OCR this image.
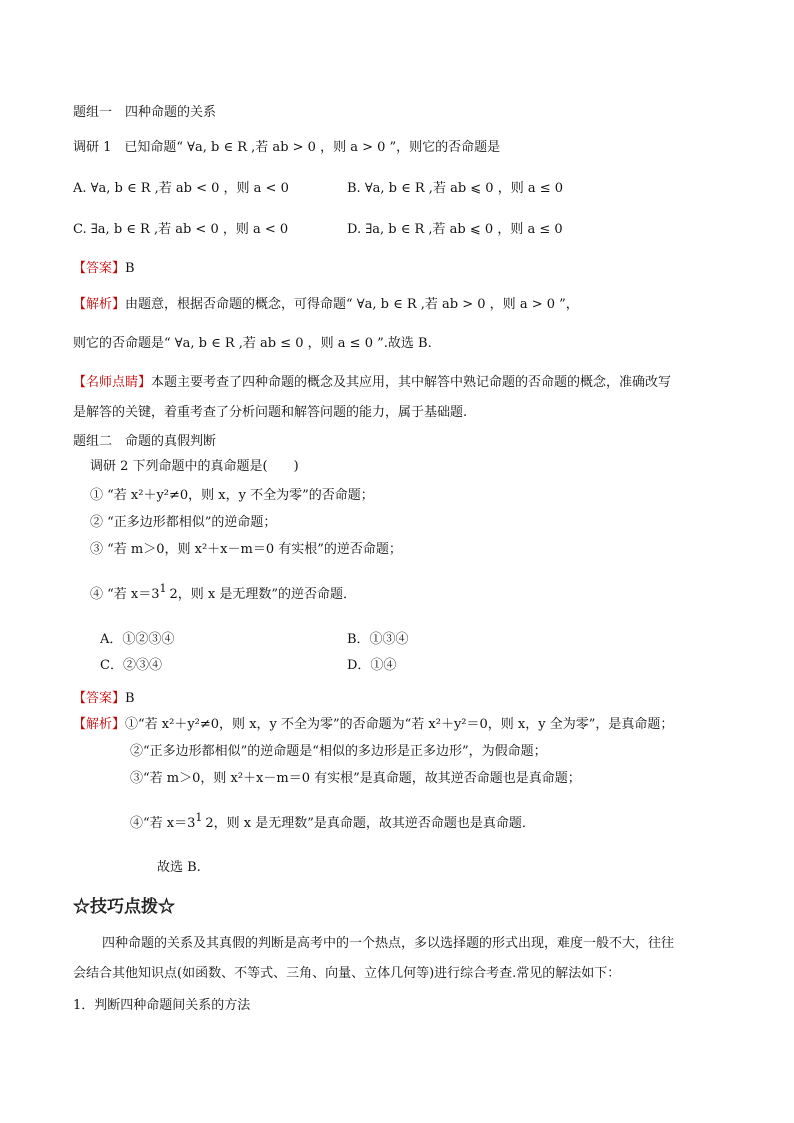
题组一　四种命题的关系
调研 1　已知命题“ ∀a, b ∈ R ,若 ab > 0 ，则 a > 0 ”，则它的否命题是
A. ∀a, b ∈ R ,若 ab < 0 ，则 a < 0	B. ∀a, b ∈ R ,若 ab ⩽ 0 ，则 a ≤ 0
C. ∃a, b ∈ R ,若 ab < 0 ，则 a < 0	D. ∃a, b ∈ R ,若 ab ⩽ 0 ，则 a ≤ 0
【答案】B
【解析】由题意，根据否命题的概念，可得命题“ ∀a, b ∈ R ,若 ab > 0 ，则 a > 0 ”，
则它的否命题是“ ∀a, b ∈ R ,若 ab ≤ 0 ，则 a ≤ 0 ”.故选 B.
【名师点睛】本题主要考查了四种命题的概念及其应用，其中解答中熟记命题的否命题的概念，准确改写
是解答的关键，着重考查了分析问题和解答问题的能力，属于基础题.
题组二　命题的真假判断
调研 2 下列命题中的真命题是(　　)
① “若 x²＋y²≠0，则 x，y 不全为零”的否命题；
② “正多边形都相似”的逆命题；
③ “若 m＞0，则 x²＋x－m＝0 有实根”的逆否命题；
④ “若 x＝3 1 2，则 x 是无理数”的逆否命题．
A．①②③④	B．①③④
C．②③④	D．①④
【答案】B
【解析】①“若 x²＋y²≠0，则 x，y 不全为零”的否命题为“若 x²＋y²＝0，则 x，y 全为零”，是真命题；
②“正多边形都相似”的逆命题是“相似的多边形是正多边形”，为假命题；
③“若 m＞0，则 x²＋x－m＝0 有实根”是真命题，故其逆否命题也是真命题；
④“若 x＝3 1 2，则 x 是无理数”是真命题，故其逆否命题也是真命题．
故选 B.
☆技巧点拨☆
四种命题的关系及其真假的判断是高考中的一个热点，多以选择题的形式出现，难度一般不大，往往
会结合其他知识点(如函数、不等式、三角、向量、立体几何等)进行综合考查.常见的解法如下：
1．判断四种命题间关系的方法
